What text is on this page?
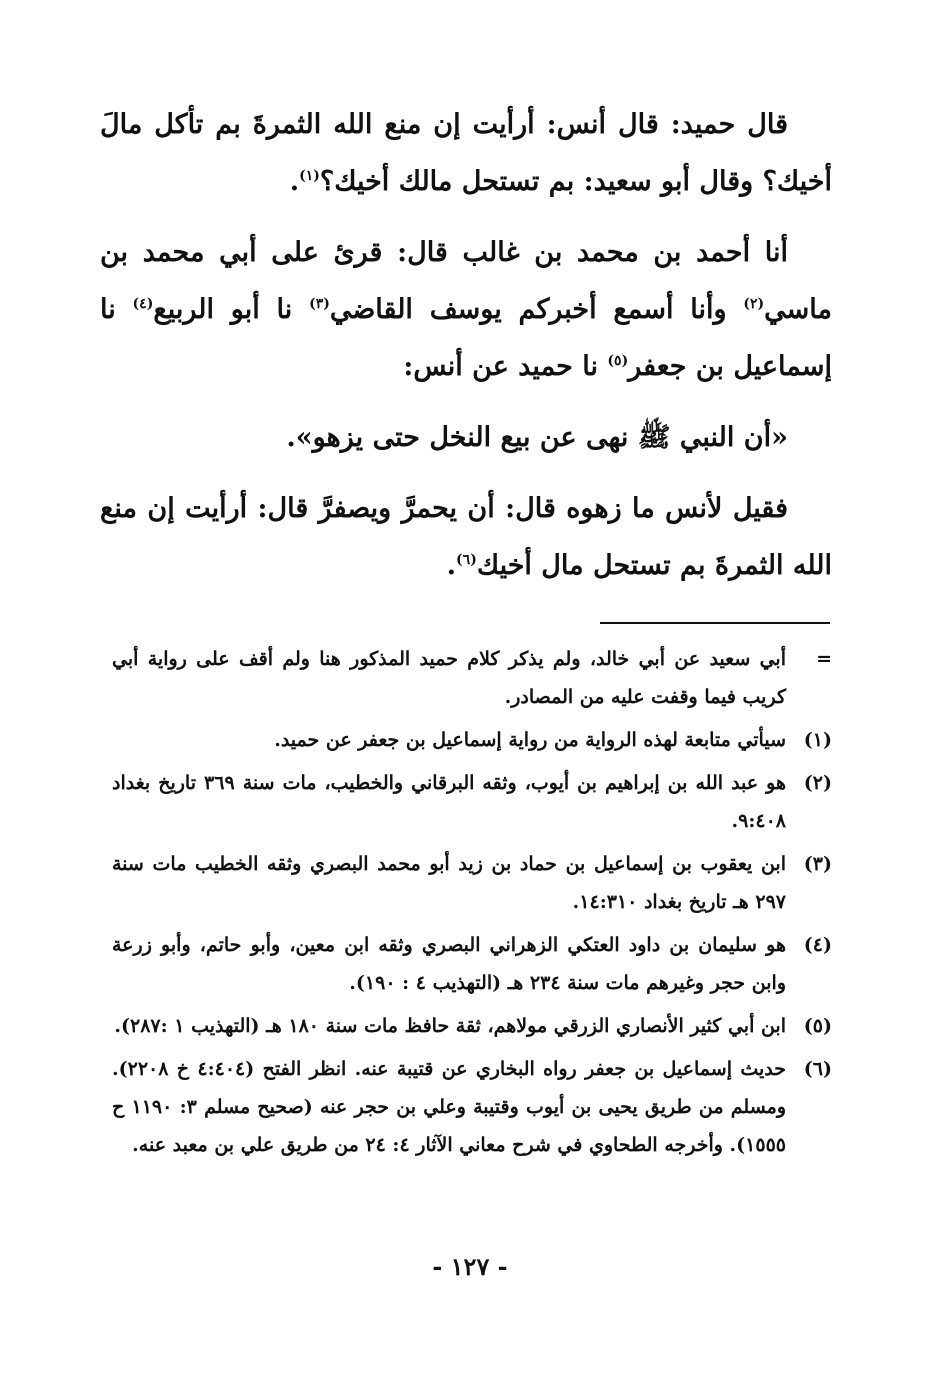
قال حميد: قال أنس: أرأيت إن منع الله الثمرةَ بم تأكل مالَ أخيك؟ وقال أبو سعيد: بم تستحل مالك أخيك؟$^{(١)}$.

أنا أحمد بن محمد بن غالب قال: قرئ على أبي محمد بن ماسي$^{(٢)}$ وأنا أسمع أخبركم يوسف القاضي$^{(٣)}$ نا أبو الربيع$^{(٤)}$ نا إسماعيل بن جعفر$^{(٥)}$ نا حميد عن أنس:

«أن النبي ﷺ نهى عن بيع النخل حتى يزهو».

فقيل لأنس ما زهوه قال: أن يحمرَّ ويصفرَّ قال: أرأيت إن منع الله الثمرةَ بم تستحل مال أخيك$^{(٦)}$.

=
أبي سعيد عن أبي خالد، ولم يذكر كلام حميد المذكور هنا ولم أقف على رواية أبي كريب فيما وقفت عليه من المصادر.
(١)
سيأتي متابعة لهذه الرواية من رواية إسماعيل بن جعفر عن حميد.
(٢)
هو عبد الله بن إبراهيم بن أيوب، وثقه البرقاني والخطيب، مات سنة ٣٦٩ تاريخ بغداد ٩:٤٠٨.
(٣)
ابن يعقوب بن إسماعيل بن حماد بن زيد أبو محمد البصري وثقه الخطيب مات سنة ٢٩٧ هـ تاريخ بغداد ١٤:٣١٠.
(٤)
هو سليمان بن داود العتكي الزهراني البصري وثقه ابن معين، وأبو حاتم، وأبو زرعة وابن حجر وغيرهم مات سنة ٢٣٤ هـ (التهذيب ٤ : ١٩٠).
(٥)
ابن أبي كثير الأنصاري الزرقي مولاهم، ثقة حافظ مات سنة ١٨٠ هـ (التهذيب ١ :٢٨٧).
(٦)
حديث إسماعيل بن جعفر رواه البخاري عن قتيبة عنه. انظر الفتح (٤:٤٠٤ خ ٢٢٠٨). ومسلم من طريق يحيى بن أيوب وقتيبة وعلي بن حجر عنه (صحيح مسلم ٣: ١١٩٠ ح ١٥٥٥). وأخرجه الطحاوي في شرح معاني الآثار ٤: ٢٤ من طريق علي بن معبد عنه.
- ١٢٧ -
